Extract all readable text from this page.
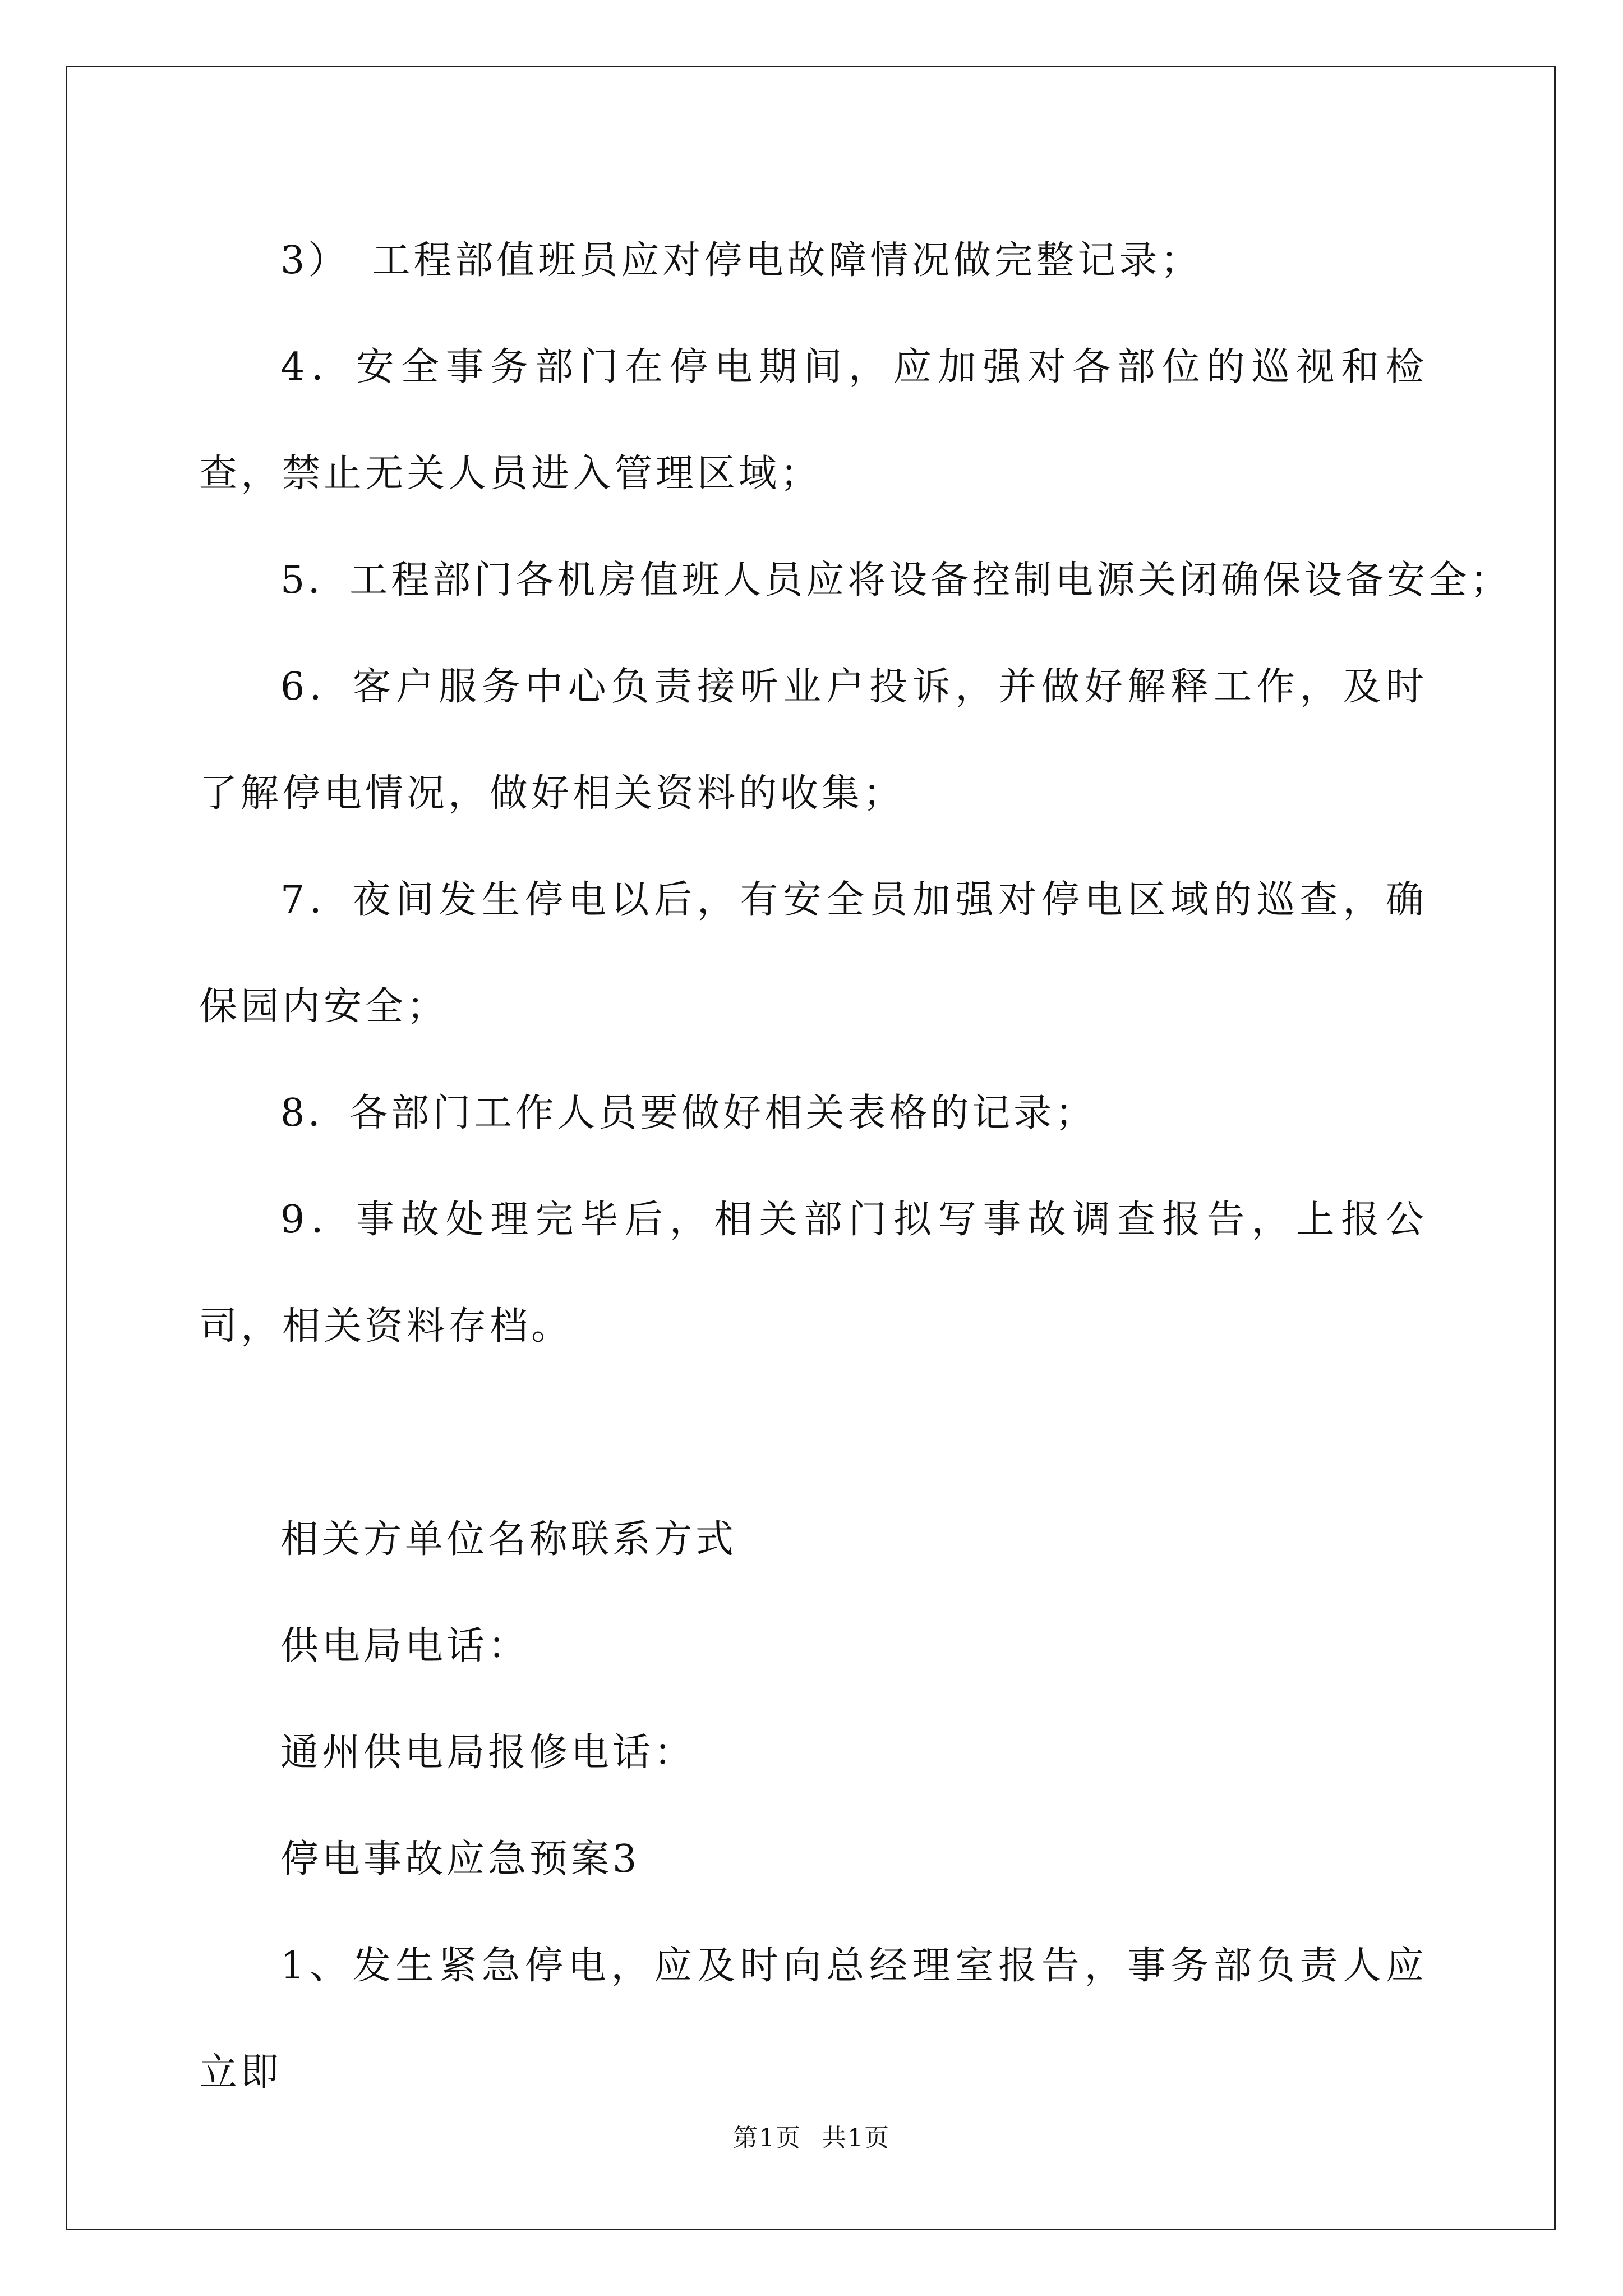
3）　工程部值班员应对停电故障情况做完整记录；

4．安全事务部门在停电期间，应加强对各部位的巡视和检查，禁止无关人员进入管理区域；

5．工程部门各机房值班人员应将设备控制电源关闭确保设备安全；

6．客户服务中心负责接听业户投诉，并做好解释工作，及时了解停电情况，做好相关资料的收集；

7．夜间发生停电以后，有安全员加强对停电区域的巡查，确保园内安全；

8．各部门工作人员要做好相关表格的记录；

9．事故处理完毕后，相关部门拟写事故调查报告，上报公司，相关资料存档。

相关方单位名称联系方式

供电局电话：

通州供电局报修电话：

停电事故应急预案3

1、发生紧急停电，应及时向总经理室报告，事务部负责人应立即

第1页 共1页
